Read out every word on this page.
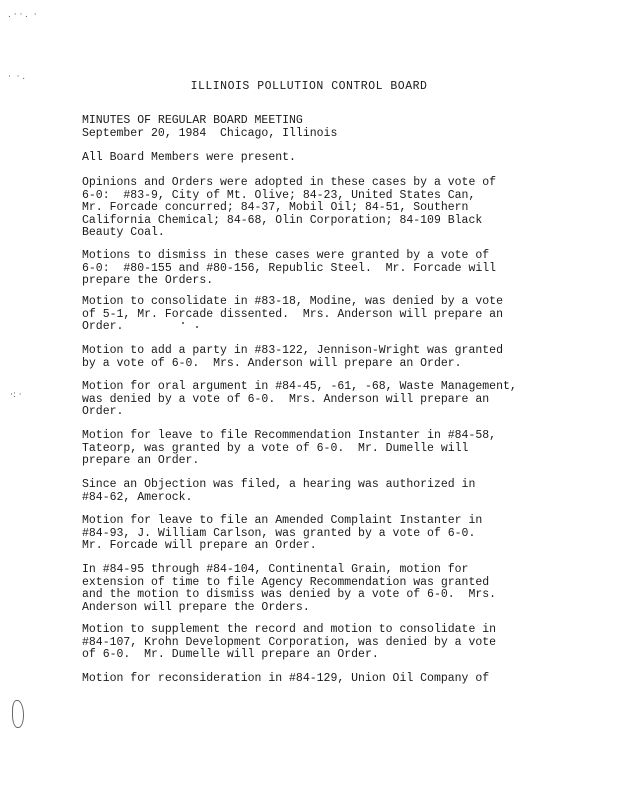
. · · .  ·
·  · .
·: ·
ILLINOIS POLLUTION CONTROL BOARD
MINUTES OF REGULAR BOARD MEETING
September 20, 1984  Chicago, Illinois
All Board Members were present.
Opinions and Orders were adopted in these cases by a vote of
6-0:  #83-9, City of Mt. Olive; 84-23, United States Can,
Mr. Forcade concurred; 84-37, Mobil Oil; 84-51, Southern
California Chemical; 84-68, Olin Corporation; 84-109 Black
Beauty Coal.
Motions to dismiss in these cases were granted by a vote of
6-0:  #80-155 and #80-156, Republic Steel.  Mr. Forcade will
prepare the Orders.
Motion to consolidate in #83-18, Modine, was denied by a vote
of 5-1, Mr. Forcade dissented.  Mrs. Anderson will prepare an
Order.
Motion to add a party in #83-122, Jennison-Wright was granted
by a vote of 6-0.  Mrs. Anderson will prepare an Order.
Motion for oral argument in #84-45, -61, -68, Waste Management,
was denied by a vote of 6-0.  Mrs. Anderson will prepare an
Order.
Motion for leave to file Recommendation Instanter in #84-58,
Tateorp, was granted by a vote of 6-0.  Mr. Dumelle will
prepare an Order.
Since an Objection was filed, a hearing was authorized in
#84-62, Amerock.
Motion for leave to file an Amended Complaint Instanter in
#84-93, J. William Carlson, was granted by a vote of 6-0.
Mr. Forcade will prepare an Order.
In #84-95 through #84-104, Continental Grain, motion for
extension of time to file Agency Recommendation was granted
and the motion to dismiss was denied by a vote of 6-0.  Mrs.
Anderson will prepare the Orders.
Motion to supplement the record and motion to consolidate in
#84-107, Krohn Development Corporation, was denied by a vote
of 6-0.  Mr. Dumelle will prepare an Order.
Motion for reconsideration in #84-129, Union Oil Company of
